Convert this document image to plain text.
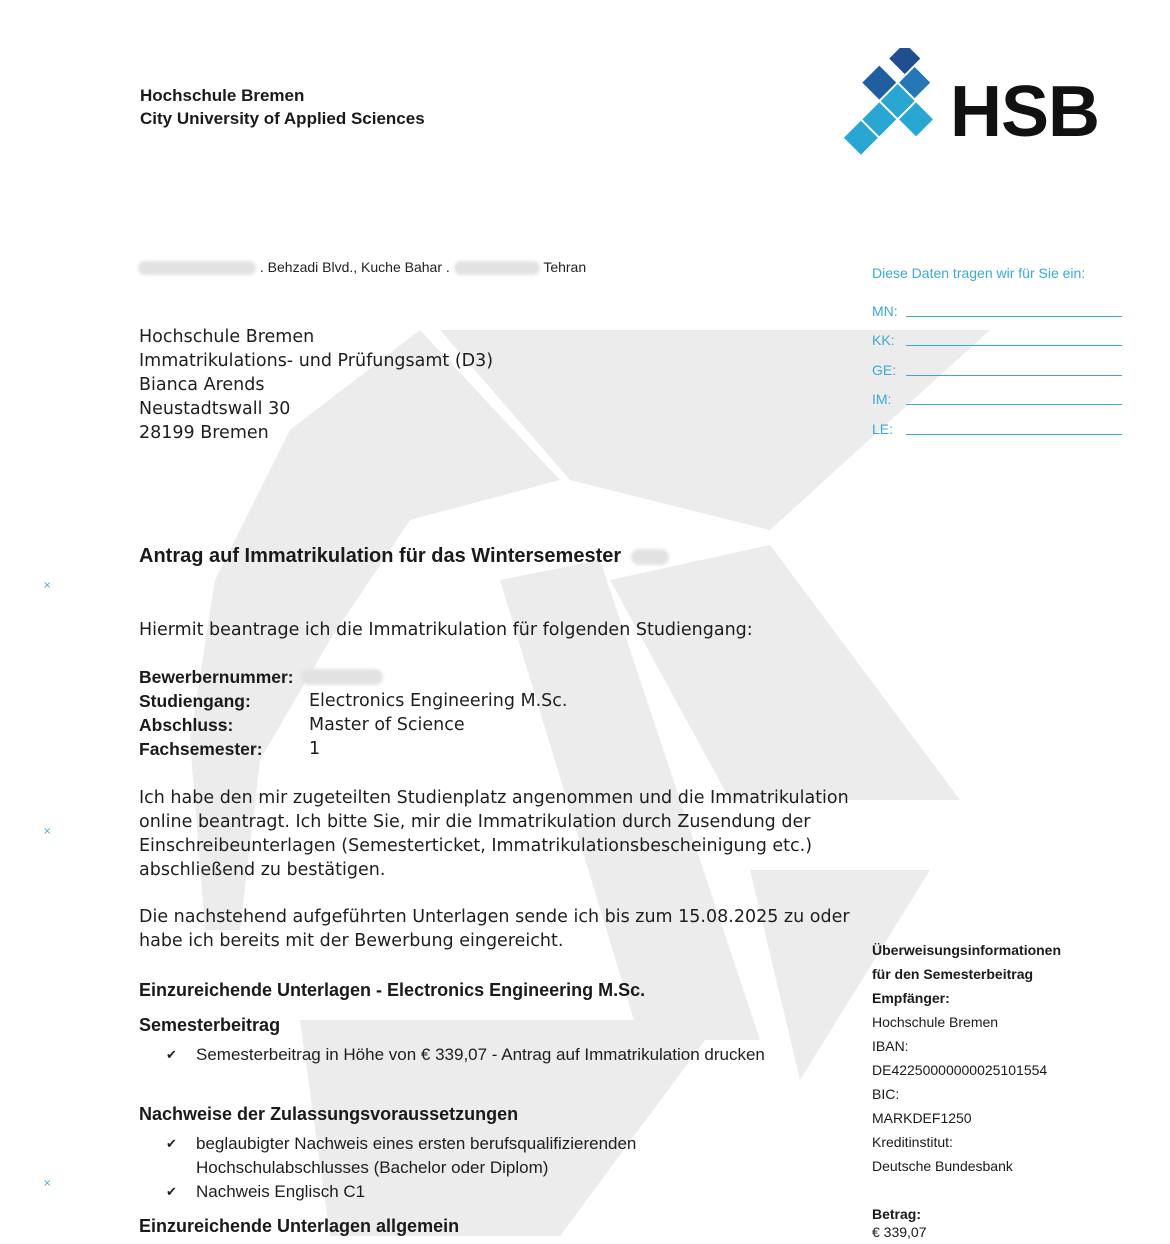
Hochschule Bremen
City University of Applied Sciences	HSB
. Behzadi Blvd., Kuche Bahar .	Tehran
Hochschule Bremen
Immatrikulations- und Prüfungsamt (D3)
Bianca Arends
Neustadtswall 30
28199 Bremen
Diese Daten tragen wir für Sie ein:
MN:
KK:
GE:
IM:
LE:
Antrag auf Immatrikulation für das Wintersemester
Hiermit beantrage ich die Immatrikulation für folgenden Studiengang:
Bewerbernummer:
Studiengang:	Electronics Engineering M.Sc.
Abschluss:	Master of Science
Fachsemester:	1
Ich habe den mir zugeteilten Studienplatz angenommen und die Immatrikulation online beantragt. Ich bitte Sie, mir die Immatrikulation durch Zusendung der Einschreibeunterlagen (Semesterticket, Immatrikulationsbescheinigung etc.) abschließend zu bestätigen.
Die nachstehend aufgeführten Unterlagen sende ich bis zum 15.08.2025 zu oder habe ich bereits mit der Bewerbung eingereicht.
Einzureichende Unterlagen - Electronics Engineering M.Sc.
Semesterbeitrag
✔ Semesterbeitrag in Höhe von € 339,07 - Antrag auf Immatrikulation drucken
Nachweise der Zulassungsvoraussetzungen
✔ beglaubigter Nachweis eines ersten berufsqualifizierenden Hochschulabschlusses (Bachelor oder Diplom)
✔ Nachweis Englisch C1
Einzureichende Unterlagen allgemein
Überweisungsinformationen
für den Semesterbeitrag
Empfänger:
Hochschule Bremen
IBAN:
DE42250000000025101554
BIC:
MARKDEF1250
Kreditinstitut:
Deutsche Bundesbank
Betrag:
€ 339,07
×
×
×
